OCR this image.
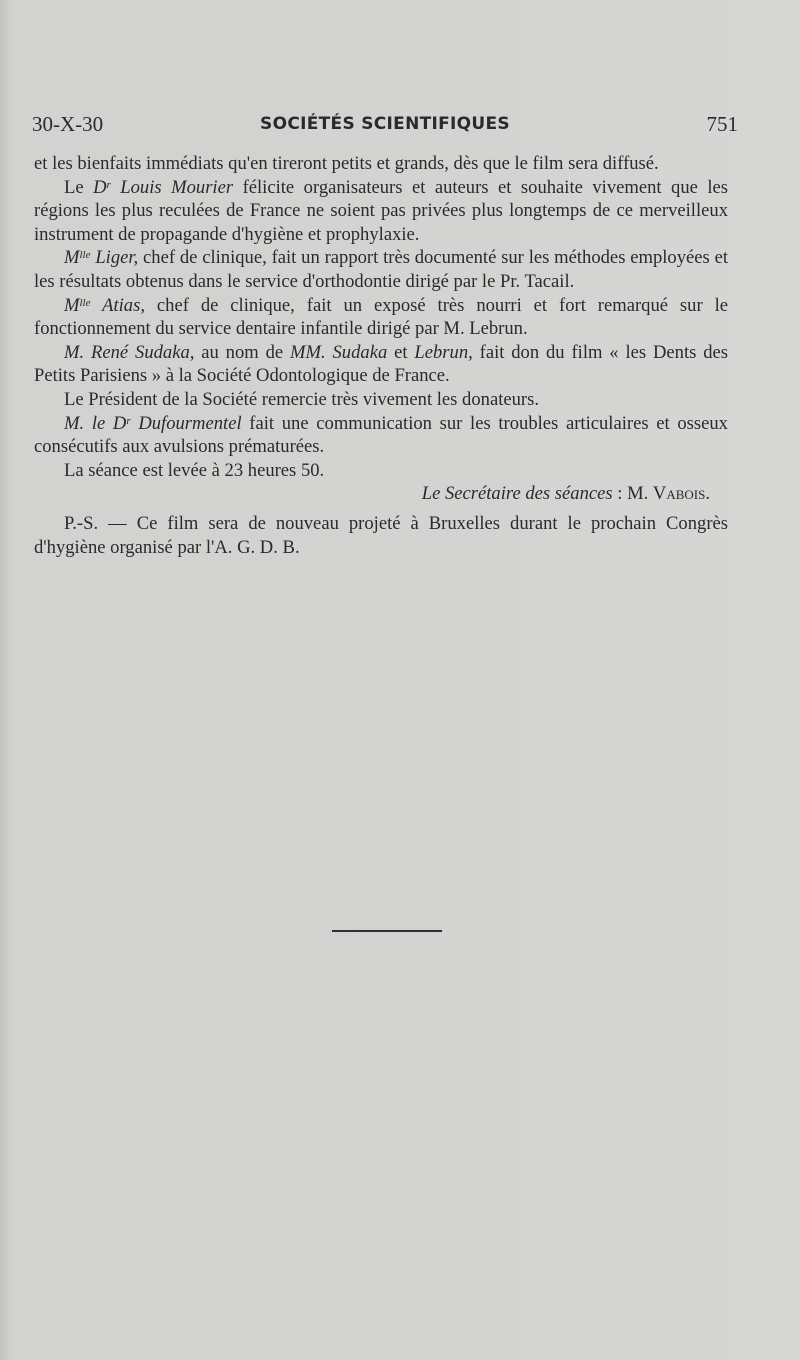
30-X-30	SOCIÉTÉS SCIENTIFIQUES	751

et les bienfaits immédiats qu'en tireront petits et grands, dès que le film sera diffusé.

Le $D^r$ Louis Mourier félicite organisateurs et auteurs et souhaite vivement que les régions les plus reculées de France ne soient pas privées plus longtemps de ce merveilleux instrument de propagande d'hygiène et prophylaxie.

$M^{lle}$ Liger, chef de clinique, fait un rapport très documenté sur les méthodes employées et les résultats obtenus dans le service d'orthodontie dirigé par le Pr. Tacail.

$M^{lle}$ Atias, chef de clinique, fait un exposé très nourri et fort remarqué sur le fonctionnement du service dentaire infantile dirigé par M. Lebrun.

M. René Sudaka, au nom de MM. Sudaka et Lebrun, fait don du film « les Dents des Petits Parisiens » à la Société Odontologique de France.

Le Président de la Société remercie très vivement les donateurs.

M. le $D^r$ Dufourmentel fait une communication sur les troubles articulaires et osseux consécutifs aux avulsions prématurées.

La séance est levée à 23 heures 50.

Le Secrétaire des séances : M. Vabois.

P.-S. — Ce film sera de nouveau projeté à Bruxelles durant le prochain Congrès d'hygiène organisé par l'A. G. D. B.
